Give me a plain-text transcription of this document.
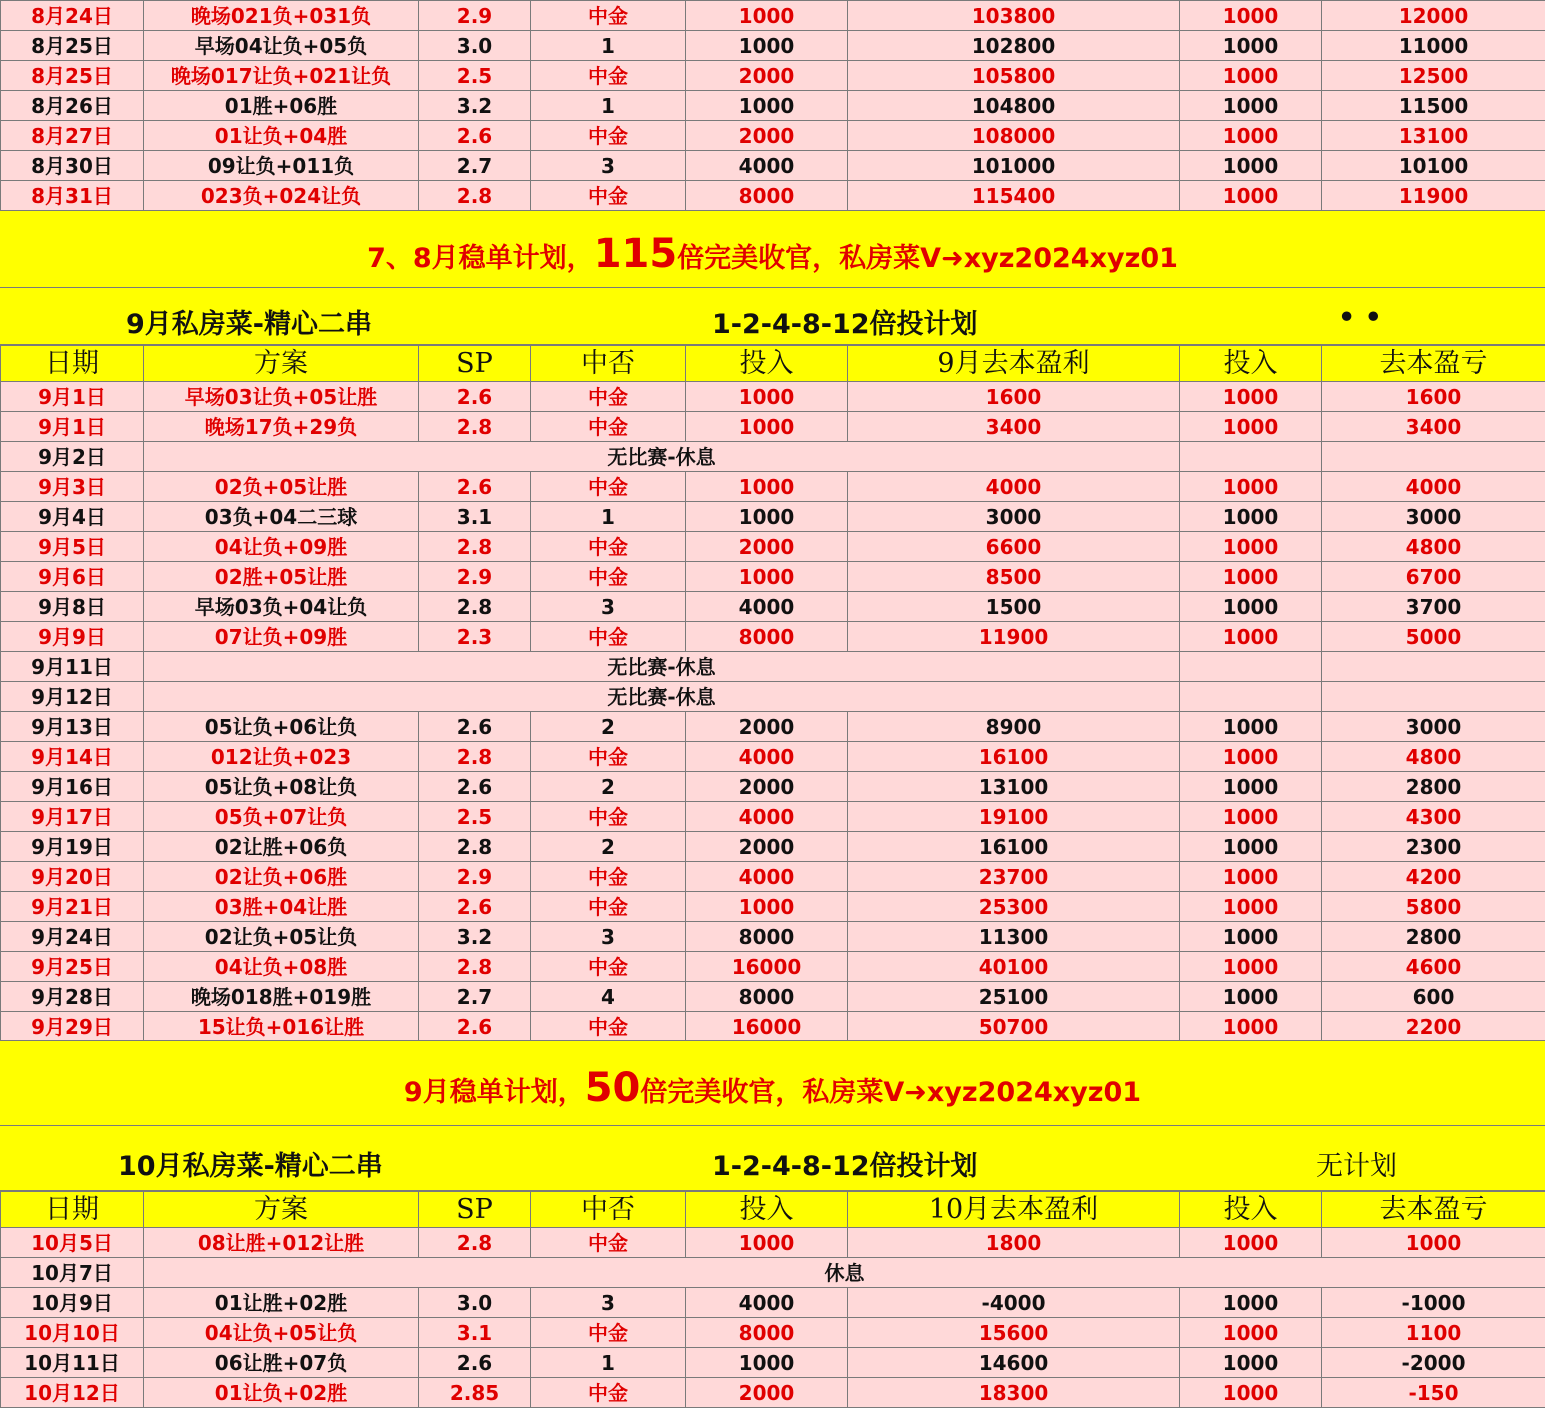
8月24日	晚场021负+031负	2.9	中金	1000	103800	1000	12000
8月25日	早场04让负+05负	3.0	1	1000	102800	1000	11000
8月25日	晚场017让负+021让负	2.5	中金	2000	105800	1000	12500
8月26日	01胜+06胜	3.2	1	1000	104800	1000	11500
8月27日	01让负+04胜	2.6	中金	2000	108000	1000	13100
8月30日	09让负+011负	2.7	3	4000	101000	1000	10100
8月31日	023负+024让负	2.8	中金	8000	115400	1000	11900
7、8月稳单计划，115倍完美收官，私房菜V➜xyz2024xyz01
9月私房菜-精心二串	1-2-4-8-12倍投计划	• •
日期	方案	SP	中否	投入	9月去本盈利	投入	去本盈亏
9月1日	早场03让负+05让胜	2.6	中金	1000	1600	1000	1600
9月1日	晚场17负+29负	2.8	中金	1000	3400	1000	3400
9月2日	无比赛-休息						
9月3日	02负+05让胜	2.6	中金	1000	4000	1000	4000
9月4日	03负+04二三球	3.1	1	1000	3000	1000	3000
9月5日	04让负+09胜	2.8	中金	2000	6600	1000	4800
9月6日	02胜+05让胜	2.9	中金	1000	8500	1000	6700
9月8日	早场03负+04让负	2.8	3	4000	1500	1000	3700
9月9日	07让负+09胜	2.3	中金	8000	11900	1000	5000
9月11日	无比赛-休息						
9月12日	无比赛-休息						
9月13日	05让负+06让负	2.6	2	2000	8900	1000	3000
9月14日	012让负+023	2.8	中金	4000	16100	1000	4800
9月16日	05让负+08让负	2.6	2	2000	13100	1000	2800
9月17日	05负+07让负	2.5	中金	4000	19100	1000	4300
9月19日	02让胜+06负	2.8	2	2000	16100	1000	2300
9月20日	02让负+06胜	2.9	中金	4000	23700	1000	4200
9月21日	03胜+04让胜	2.6	中金	1000	25300	1000	5800
9月24日	02让负+05让负	3.2	3	8000	11300	1000	2800
9月25日	04让负+08胜	2.8	中金	16000	40100	1000	4600
9月28日	晚场018胜+019胜	2.7	4	8000	25100	1000	600
9月29日	15让负+016让胜	2.6	中金	16000	50700	1000	2200
9月稳单计划，50倍完美收官，私房菜V➜xyz2024xyz01
10月私房菜-精心二串	1-2-4-8-12倍投计划	无计划
日期	方案	SP	中否	投入	10月去本盈利	投入	去本盈亏
10月5日	08让胜+012让胜	2.8	中金	1000	1800	1000	1000
10月7日	休息						
10月9日	01让胜+02胜	3.0	3	4000	-4000	1000	-1000
10月10日	04让负+05让负	3.1	中金	8000	15600	1000	1100
10月11日	06让胜+07负	2.6	1	1000	14600	1000	-2000
10月12日	01让负+02胜	2.85	中金	2000	18300	1000	-150
